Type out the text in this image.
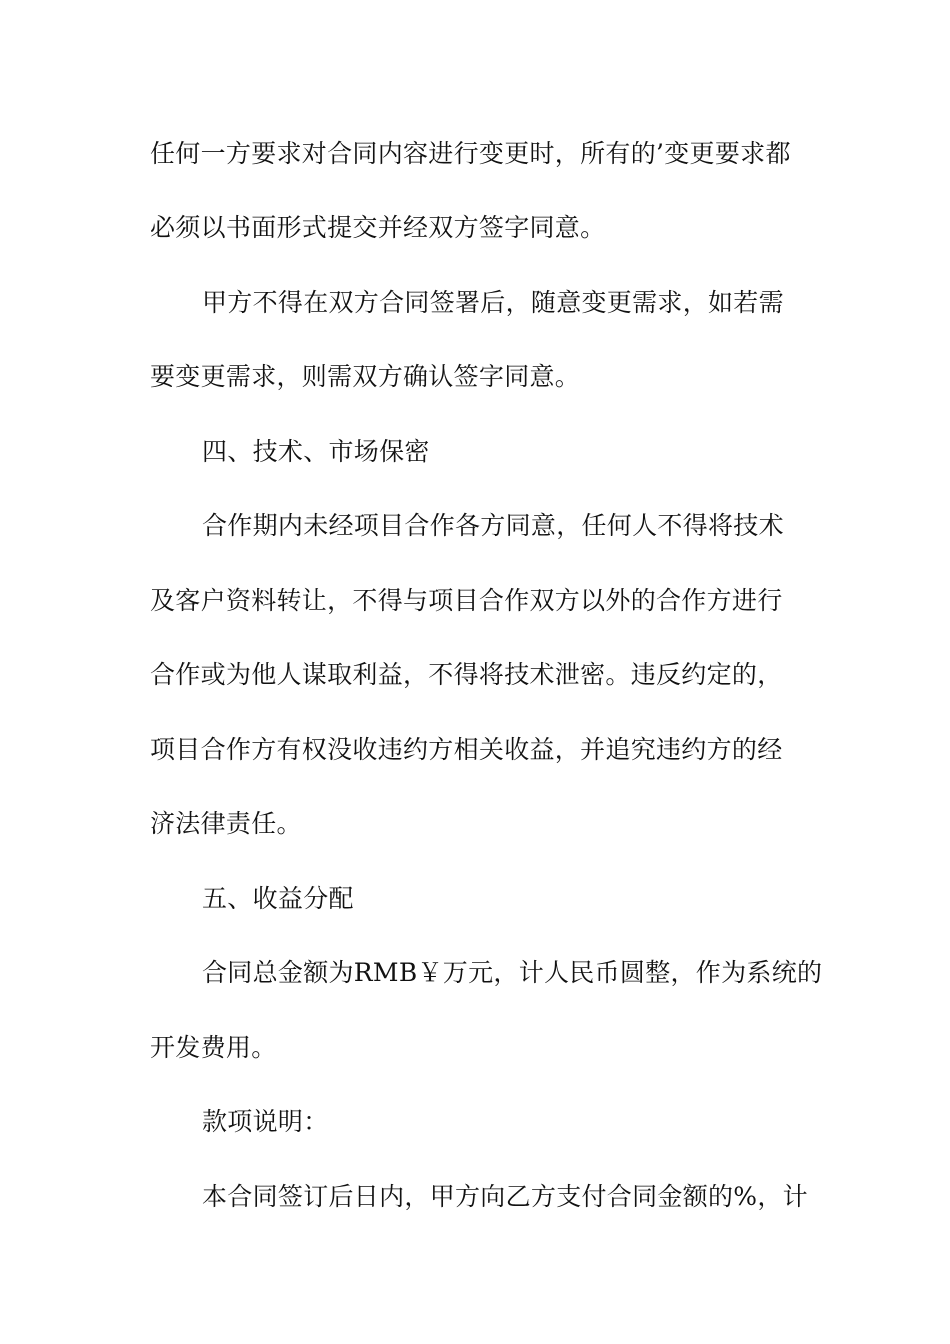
任何一方要求对合同内容进行变更时，所有的’变更要求都

必须以书面形式提交并经双方签字同意。

甲方不得在双方合同签署后，随意变更需求，如若需

要变更需求，则需双方确认签字同意。

四、技术、市场保密

合作期内未经项目合作各方同意，任何人不得将技术

及客户资料转让，不得与项目合作双方以外的合作方进行

合作或为他人谋取利益，不得将技术泄密。违反约定的，

项目合作方有权没收违约方相关收益，并追究违约方的经

济法律责任。

五、收益分配

合同总金额为RMB￥万元，计人民币圆整，作为系统的

开发费用。

款项说明：

本合同签订后日内，甲方向乙方支付合同金额的%，计
